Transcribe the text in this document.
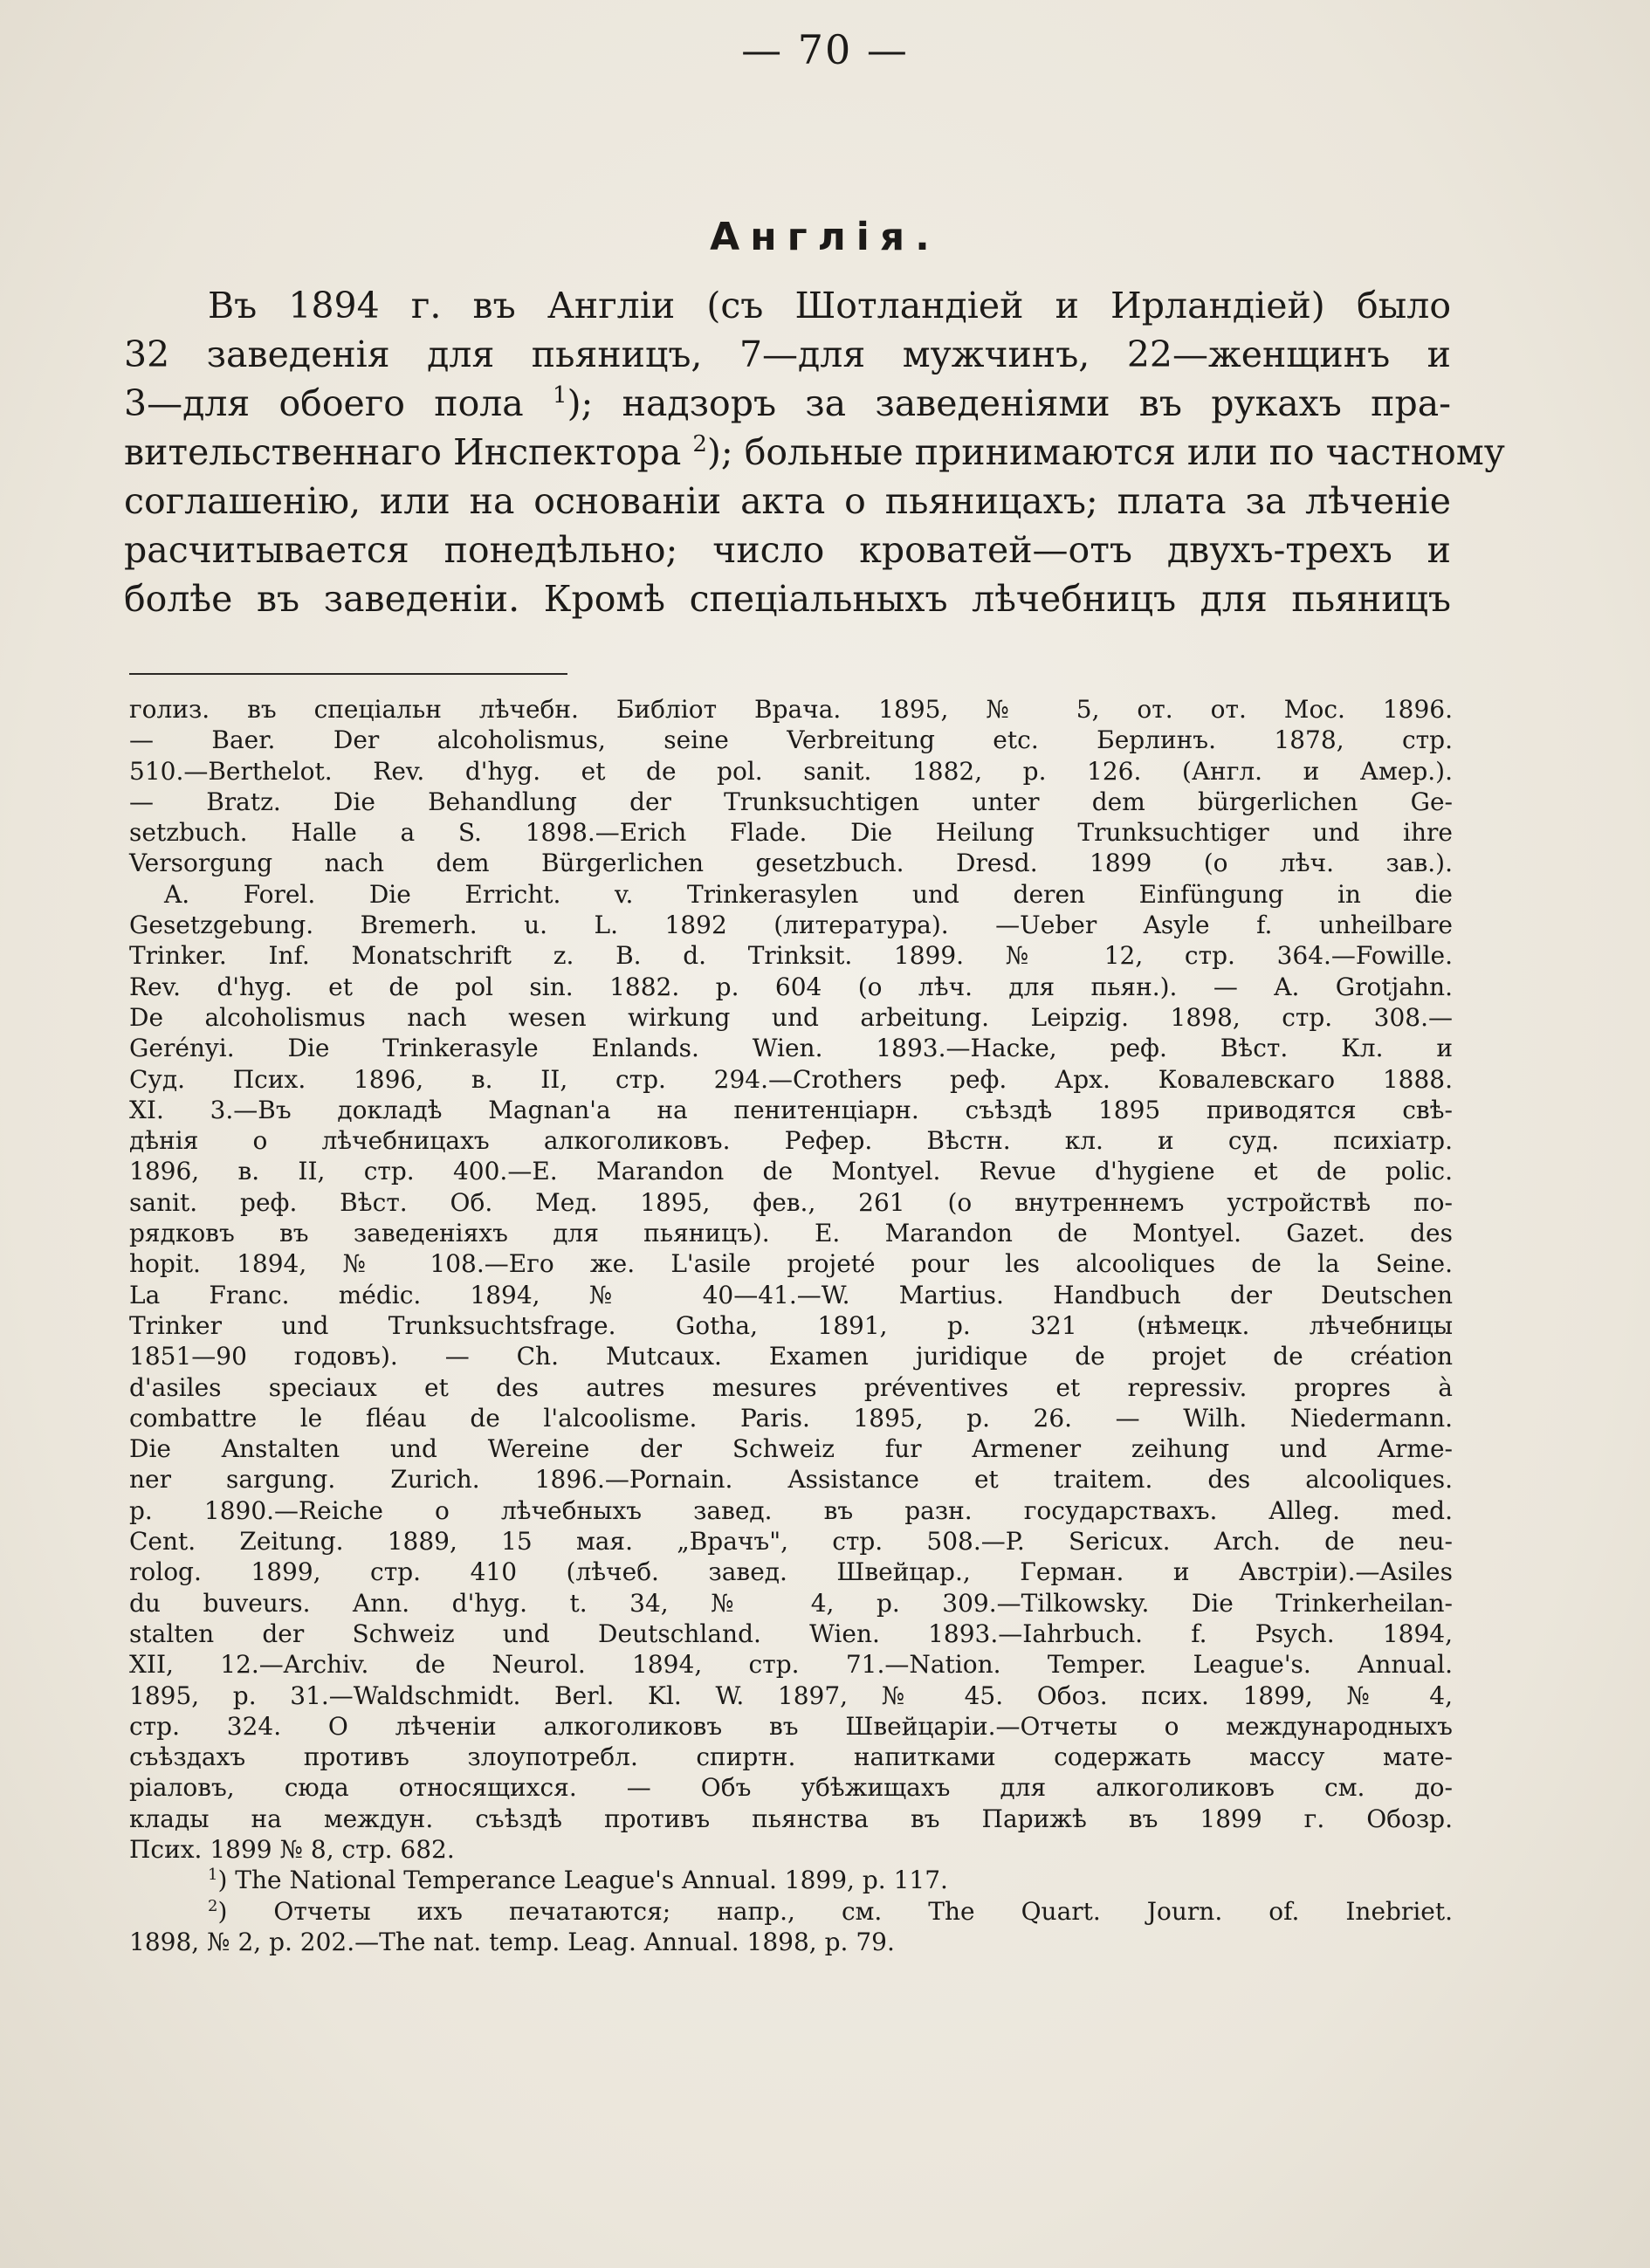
— 70 —
Англія.
Въ 1894 г. въ Англіи (съ Шотландіей и Ирландіей) было
32 заведенія для пьяницъ, 7—для мужчинъ, 22—женщинъ и
3—для обоего пола $^1$); надзоръ за заведеніями въ рукахъ пра-
вительственнаго Инспектора $^2$); больные принимаются или по частному
соглашенію, или на основаніи акта о пьяницахъ; плата за лѣченіе
расчитывается понедѣльно; число кроватей—отъ двухъ-трехъ и
болѣе въ заведеніи. Кромѣ спеціальныхъ лѣчебницъ для пьяницъ
голиз. въ спеціальн лѣчебн. Библіот Врача. 1895, № 5, от. от. Мос. 1896.
— Baer. Der alcoholismus, seine Verbreitung etc. Берлинъ. 1878, стр.
510.—Berthelot. Rev. d'hyg. et de pol. sanit. 1882, p. 126. (Англ. и Амер.).
— Bratz. Die Behandlung der Trunksuchtigen unter dem bürgerlichen Ge-
setzbuch. Halle a S. 1898.—Erich Flade. Die Heilung Trunksuchtiger und ihre
Versorgung nach dem Bürgerlichen gesetzbuch. Dresd. 1899 (о лѣч. зав.).
A. Forel. Die Erricht. v. Trinkerasylen und deren Einfüngung in die
Gesetzgebung. Bremerh. u. L. 1892 (литература). —Ueber Asyle f. unheilbare
Trinker. Inf. Monatschrift z. B. d. Trinksit. 1899. № 12, стр. 364.—Fowille.
Rev. d'hyg. et de pol sin. 1882. p. 604 (о лѣч. для пьян.). — A. Grotjahn.
De alcoholismus nach wesen wirkung und arbeitung. Leipzig. 1898, стр. 308.—
Gerényi. Die Trinkerasyle Enlands. Wien. 1893.—Hacke, реф. Вѣст. Кл. и
Суд. Псих. 1896, в. II, стр. 294.—Crothers реф. Арх. Ковалевскаго 1888.
XI. 3.—Въ докладѣ Magnan'а на пенитенціарн. съѣздѣ 1895 приводятся свѣ-
дѣнія о лѣчебницахъ алкоголиковъ. Рефер. Вѣстн. кл. и суд. психіатр.
1896, в. II, стр. 400.—E. Marandon de Montyel. Revue d'hygiene et de polic.
sanit. реф. Вѣст. Об. Мед. 1895, фев., 261 (о внутреннемъ устройствѣ по-
рядковъ въ заведеніяхъ для пьяницъ). E. Marandon de Montyel. Gazet. des
hopit. 1894, № 108.—Его же. L'asile projeté pour les alcooliques de la Seine.
La Franc. médic. 1894, № 40—41.—W. Martius. Handbuch der Deutschen
Trinker und Trunksuchtsfrage. Gotha, 1891, p. 321 (нѣмецк. лѣчебницы
1851—90 годовъ). — Ch. Mutcaux. Examen juridique de projet de création
d'asiles speciaux et des autres mesures préventives et repressiv. propres à
combattre le fléau de l'alcoolisme. Paris. 1895, p. 26. — Wilh. Niedermann.
Die Anstalten und Wereine der Schweiz fur Armener zeihung und Arme-
ner sargung. Zurich. 1896.—Pornain. Assistance et traitem. des alcooliques.
p. 1890.—Reiche о лѣчебныхъ завед. въ разн. государствахъ. Alleg. med.
Cent. Zeitung. 1889, 15 мая. „Врачъ", стр. 508.—P. Sericux. Arch. de neu-
rolog. 1899, стр. 410 (лѣчеб. завед. Швейцар., Герман. и Австріи).—Asiles
du buveurs. Ann. d'hyg. t. 34, № 4, p. 309.—Tilkowsky. Die Trinkerheilan-
stalten der Schweiz und Deutschland. Wien. 1893.—Iahrbuch. f. Psych. 1894,
XII, 12.—Archiv. de Neurol. 1894, стр. 71.—Nation. Temper. League's. Annual.
1895, p. 31.—Waldschmidt. Berl. Kl. W. 1897, № 45. Обоз. псих. 1899, № 4,
стр. 324. О лѣченіи алкоголиковъ въ Швейцаріи.—Отчеты о международныхъ
съѣздахъ противъ злоупотребл. спиртн. напитками содержать массу мате-
ріаловъ, сюда относящихся. — Объ убѣжищахъ для алкоголиковъ см. до-
клады на междун. съѣздѣ противъ пьянства въ Парижѣ въ 1899 г. Обозр.
Псих. 1899 № 8, стр. 682.
$^1$) The National Temperance League's Annual. 1899, p. 117.
$^2$) Отчеты ихъ печатаются; напр., см. The Quart. Journ. of. Inebriet.
1898, № 2, p. 202.—The nat. temp. Leag. Annual. 1898, p. 79.
